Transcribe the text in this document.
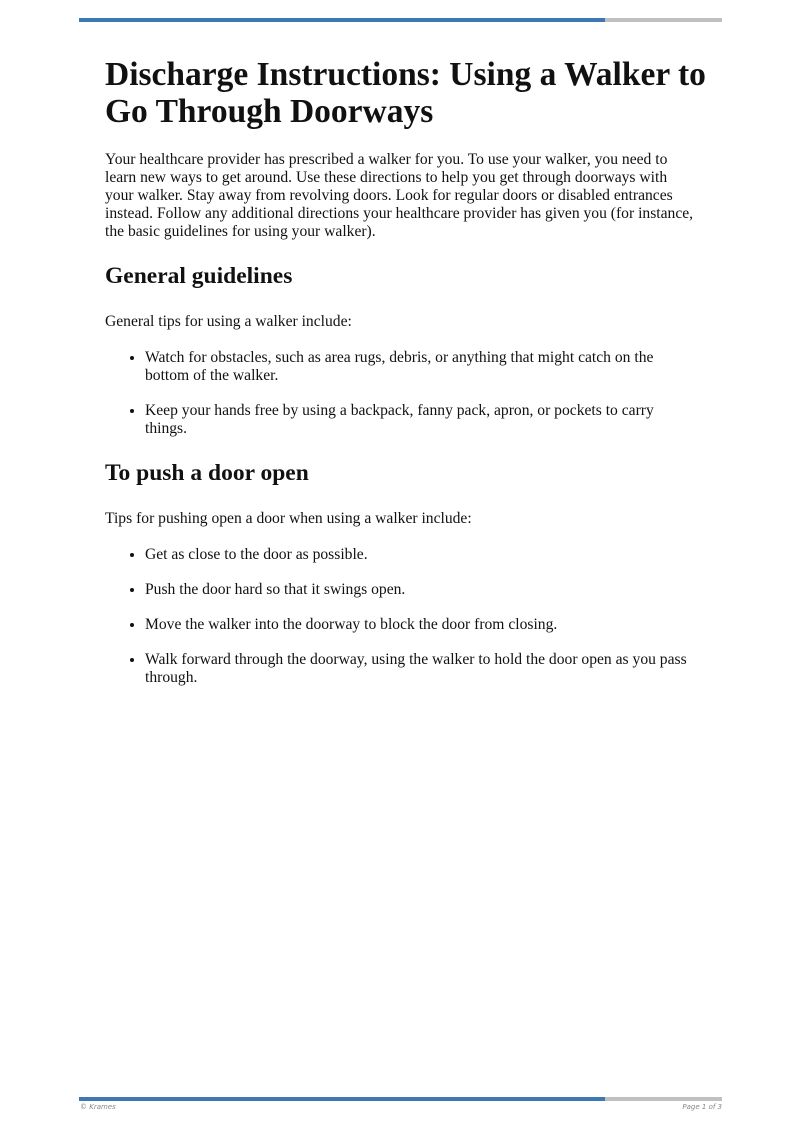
Discharge Instructions: Using a Walker to Go Through Doorways

Your healthcare provider has prescribed a walker for you. To use your walker, you need to learn new ways to get around. Use these directions to help you get through doorways with your walker. Stay away from revolving doors. Look for regular doors or disabled entrances instead. Follow any additional directions your healthcare provider has given you (for instance, the basic guidelines for using your walker).

General guidelines

General tips for using a walker include:

• Watch for obstacles, such as area rugs, debris, or anything that might catch on the bottom of the walker.
• Keep your hands free by using a backpack, fanny pack, apron, or pockets to carry things.
To push a door open

Tips for pushing open a door when using a walker include:

• Get as close to the door as possible.
• Push the door hard so that it swings open.
• Move the walker into the doorway to block the door from closing.
• Walk forward through the doorway, using the walker to hold the door open as you pass through.
© Krames	Page 1 of 3
